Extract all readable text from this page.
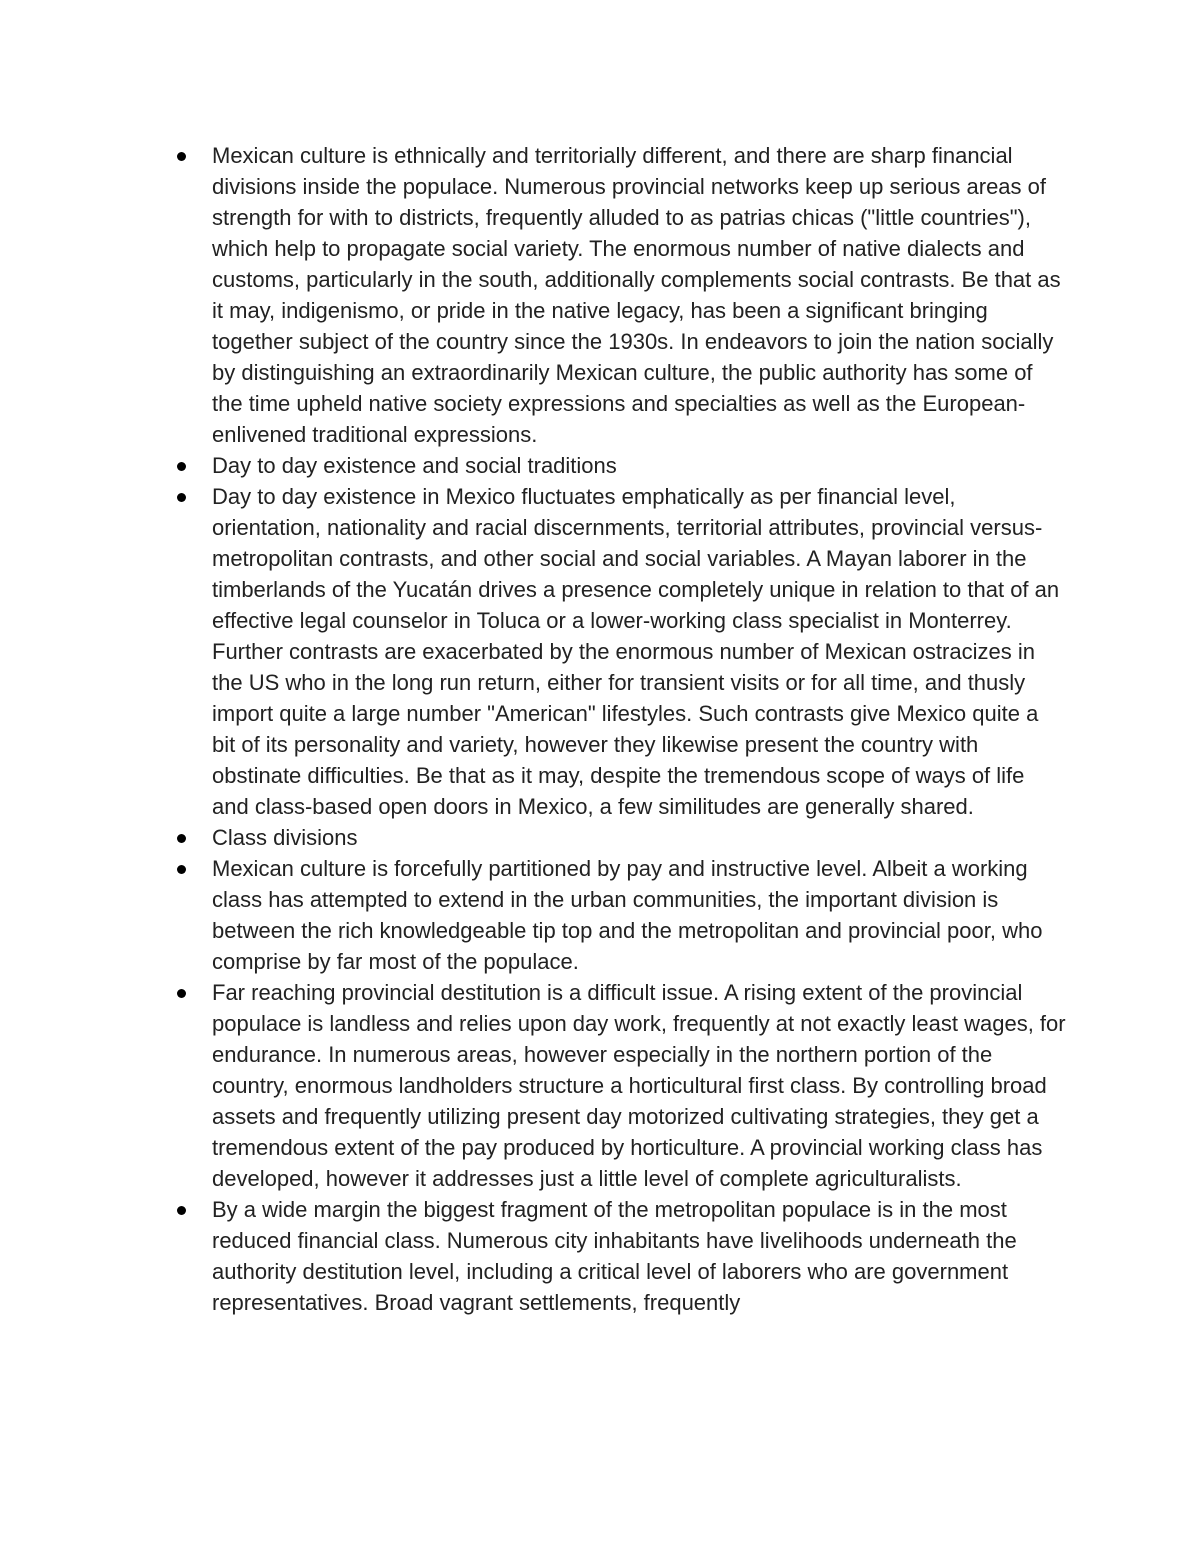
Mexican culture is ethnically and territorially different, and there are sharp financial divisions inside the populace. Numerous provincial networks keep up serious areas of strength for with to districts, frequently alluded to as patrias chicas ("little countries"), which help to propagate social variety. The enormous number of native dialects and customs, particularly in the south, additionally complements social contrasts. Be that as it may, indigenismo, or pride in the native legacy, has been a significant bringing together subject of the country since the 1930s. In endeavors to join the nation socially by distinguishing an extraordinarily Mexican culture, the public authority has some of the time upheld native society expressions and specialties as well as the European-enlivened traditional expressions.
Day to day existence and social traditions
Day to day existence in Mexico fluctuates emphatically as per financial level, orientation, nationality and racial discernments, territorial attributes, provincial versus-metropolitan contrasts, and other social and social variables. A Mayan laborer in the timberlands of the Yucatán drives a presence completely unique in relation to that of an effective legal counselor in Toluca or a lower-working class specialist in Monterrey. Further contrasts are exacerbated by the enormous number of Mexican ostracizes in the US who in the long run return, either for transient visits or for all time, and thusly import quite a large number "American" lifestyles. Such contrasts give Mexico quite a bit of its personality and variety, however they likewise present the country with obstinate difficulties. Be that as it may, despite the tremendous scope of ways of life and class-based open doors in Mexico, a few similitudes are generally shared.
Class divisions
Mexican culture is forcefully partitioned by pay and instructive level. Albeit a working class has attempted to extend in the urban communities, the important division is between the rich knowledgeable tip top and the metropolitan and provincial poor, who comprise by far most of the populace.
Far reaching provincial destitution is a difficult issue. A rising extent of the provincial populace is landless and relies upon day work, frequently at not exactly least wages, for endurance. In numerous areas, however especially in the northern portion of the country, enormous landholders structure a horticultural first class. By controlling broad assets and frequently utilizing present day motorized cultivating strategies, they get a tremendous extent of the pay produced by horticulture. A provincial working class has developed, however it addresses just a little level of complete agriculturalists.
By a wide margin the biggest fragment of the metropolitan populace is in the most reduced financial class. Numerous city inhabitants have livelihoods underneath the authority destitution level, including a critical level of laborers who are government representatives. Broad vagrant settlements, frequently
